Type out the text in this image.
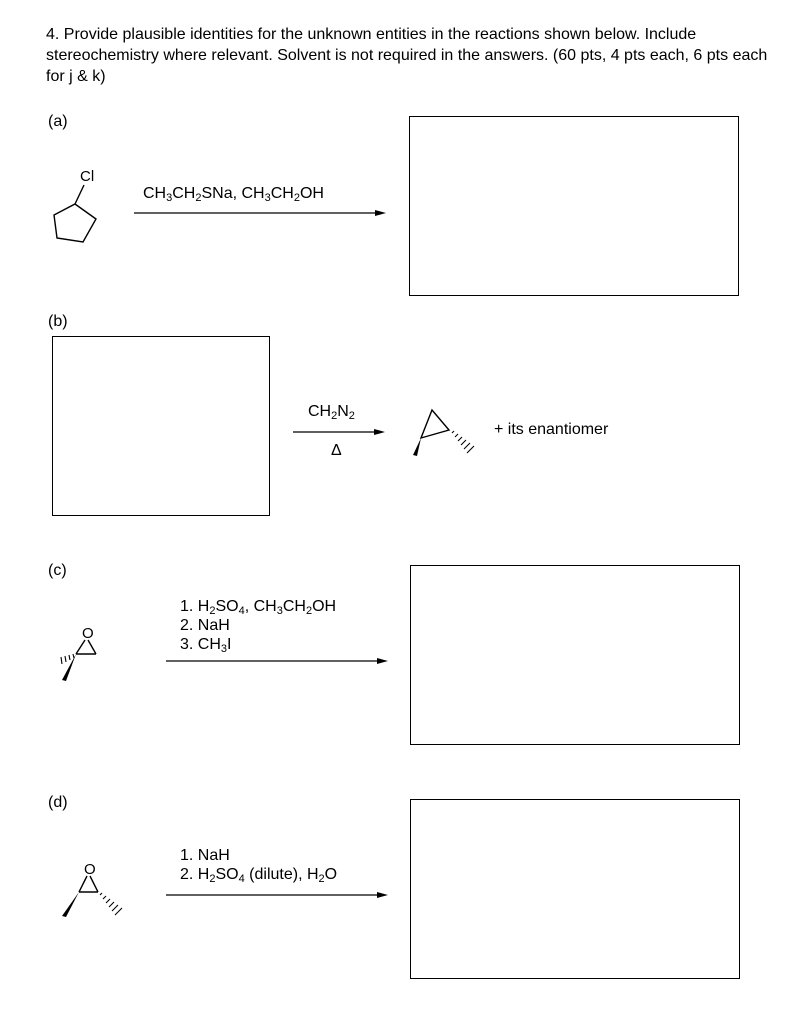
4. Provide plausible identities for the unknown entities in the reactions shown below. Include stereochemistry where relevant. Solvent is not required in the answers. (60 pts, 4 pts each, 6 pts each for j & k)

(a)
Cl
$CH_3CH_2SNa$, $CH_3CH_2OH$
(b)
$CH_2N_2$
Δ
+ its enantiomer
(c)
O
1. $H_2SO_4$, $CH_3CH_2OH$
2. NaH
3. $CH_3I$
(d)
O
1. NaH
2. $H_2SO_4$ (dilute), $H_2O$
